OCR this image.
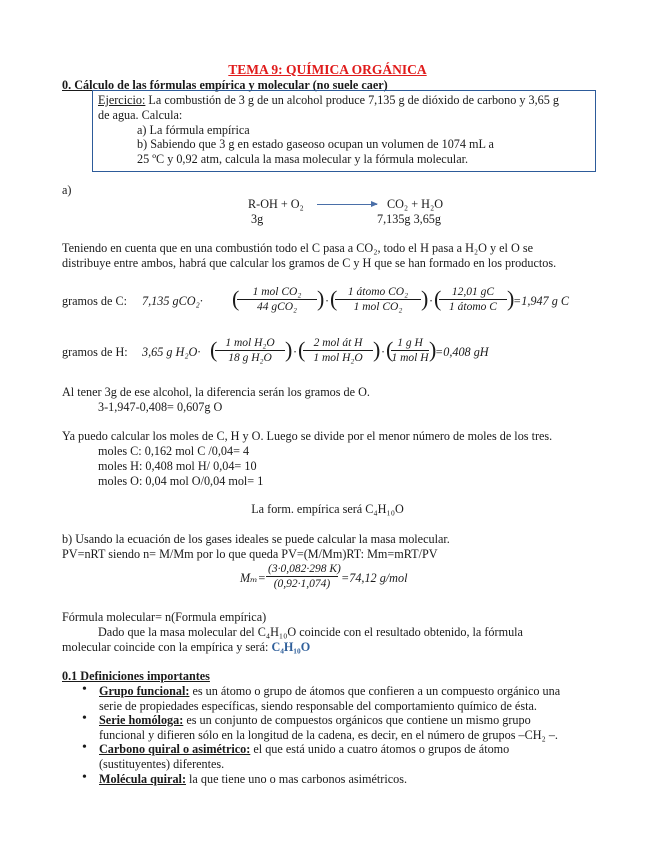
TEMA 9: QUÍMICA ORGÁNICA
0. Cálculo de las fórmulas empírica y molecular (no suele caer)
Ejercicio: La combustión de 3 g de un alcohol produce 7,135 g de dióxido de carbono y 3,65 g
de agua. Calcula:
a) La fórmula empírica
b) Sabiendo que 3 g en estado gaseoso ocupan un volumen de 1074 mL a
25 ºC y 0,92 atm, calcula la masa molecular y la fórmula molecular.
a)
R-OH + O₂	CO₂ + H₂O
3g	7,135g 3,65g
Teniendo en cuenta que en una combustión todo el C pasa a CO₂, todo el H pasa a H₂O y el O se
distribuye entre ambos, habrá que calcular los gramos de C y H que se han formado en los productos.
gramos de C: 7,135 gCO₂· (	1 mol CO₂
44 gCO₂ ) · ( 1 átomo CO₂
1 mol CO₂ ) · ( 12,01 gC
1 átomo C )
=1,947 g C
gramos de H: 3,65 g H₂O· ( 1 mol H₂O
18 g H₂O ) · ( 2 mol át H
1 mol H₂O ) · ( 1 g H
1 mol H )
=0,408 gH
Al tener 3g de ese alcohol, la diferencia serán los gramos de O.
3-1,947-0,408= 0,607g O
Ya puedo calcular los moles de C, H y O. Luego se divide por el menor número de moles de los tres.
moles C: 0,162 mol C /0,04= 4
moles H: 0,408 mol H/ 0,04= 10
moles O: 0,04 mol O/0,04 mol= 1
La form. empírica será C₄H₁₀O
b) Usando la ecuación de los gases ideales se puede calcular la masa molecular.
PV=nRT siendo n= M/Mm por lo que queda PV=(M/Mm)RT: Mm=mRT/PV
$M_m= \frac{(3\cdot 0,082\cdot 298 K)}{(0,92\cdot 1,074)} =74,12$ g/mol
Fórmula molecular= n(Formula empírica)
Dado que la masa molecular del C₄H₁₀O coincide con el resultado obtenido, la fórmula
molecular coincide con la empírica y será: C₄H₁₀O
0.1 Definiciones importantes
• Grupo funcional: es un átomo o grupo de átomos que confieren a un compuesto orgánico una
serie de propiedades específicas, siendo responsable del comportamiento químico de ésta.
• Serie homóloga: es un conjunto de compuestos orgánicos que contiene un mismo grupo
funcional y difieren sólo en la longitud de la cadena, es decir, en el número de grupos –CH₂ –.
• Carbono quiral o asimétrico: el que está unido a cuatro átomos o grupos de átomo
(sustituyentes) diferentes.
• Molécula quiral: la que tiene uno o mas carbonos asimétricos.
